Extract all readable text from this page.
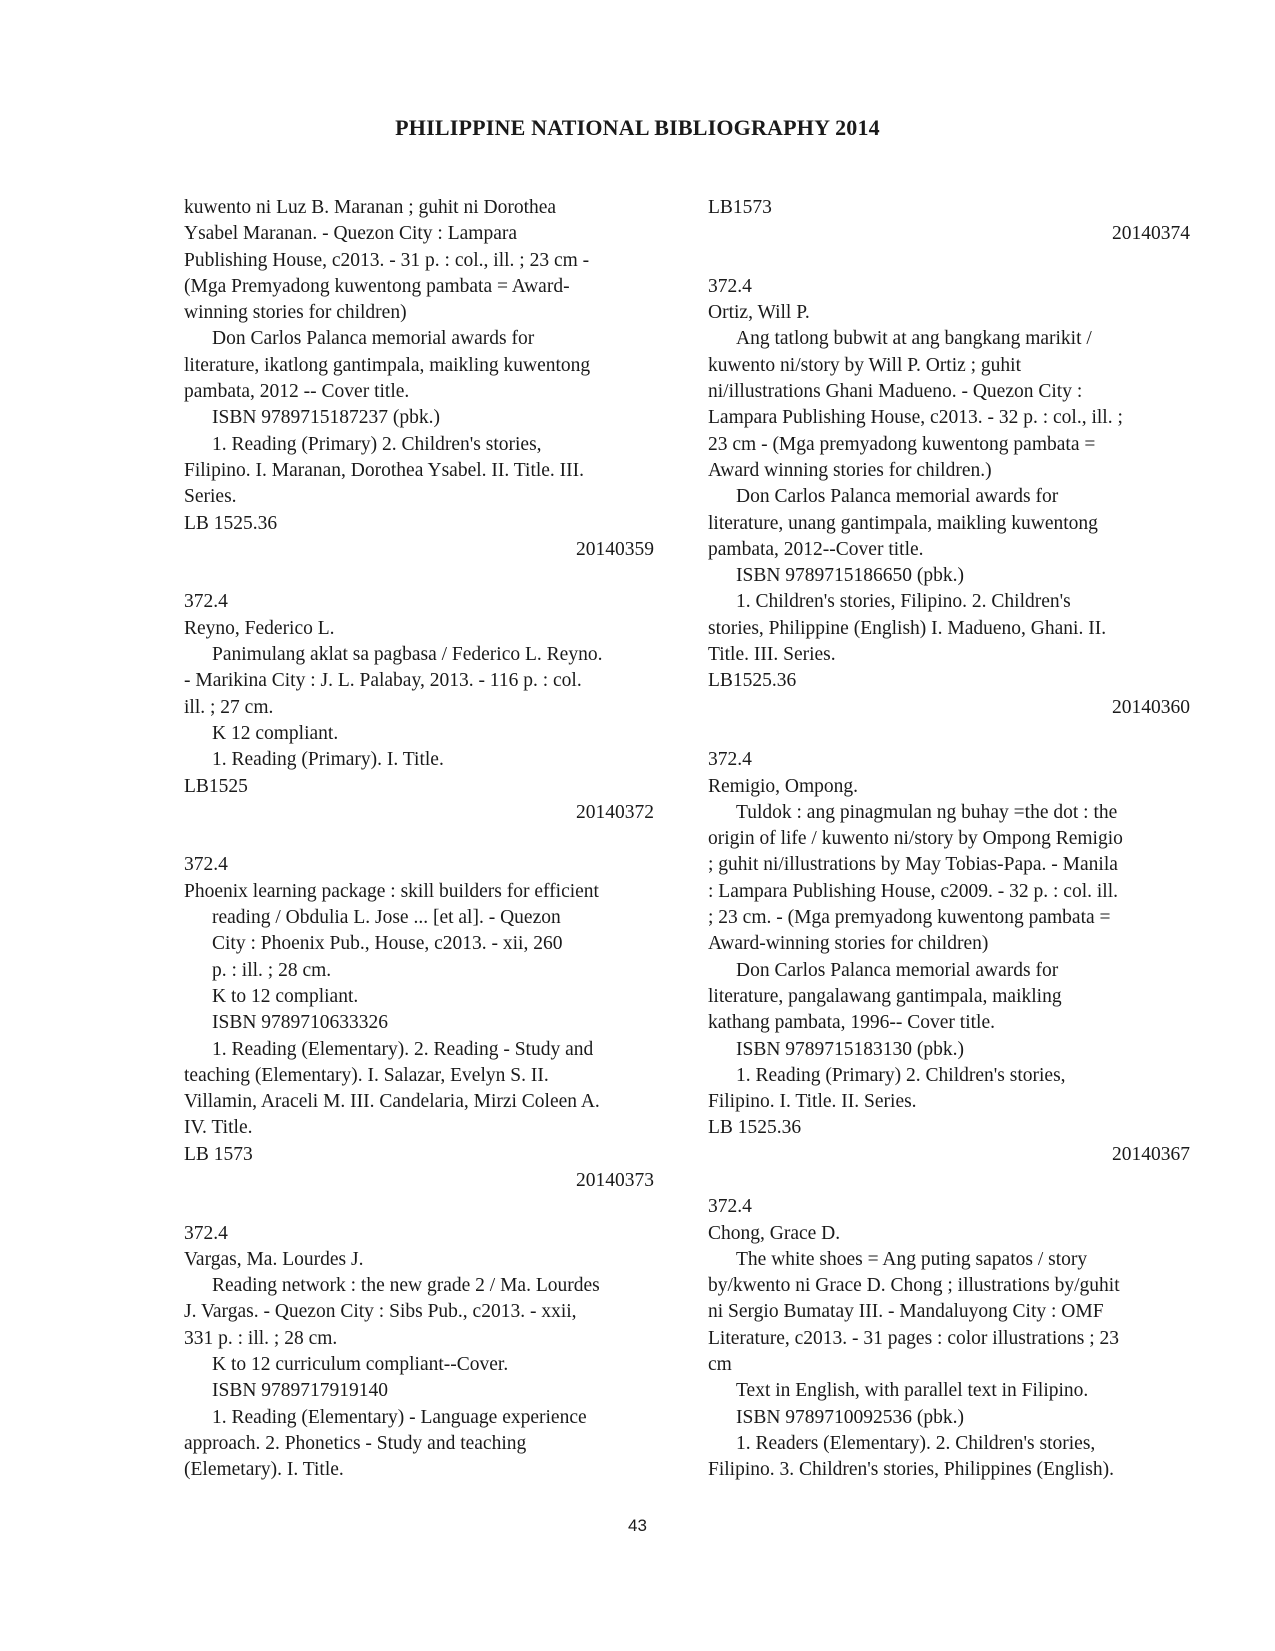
PHILIPPINE NATIONAL BIBLIOGRAPHY 2014
kuwento ni Luz B. Maranan ; guhit ni Dorothea
Ysabel Maranan. - Quezon City : Lampara
Publishing House, c2013. - 31 p. : col., ill. ; 23 cm -
(Mga Premyadong kuwentong pambata = Award-
winning stories for children)
Don Carlos Palanca memorial awards for
literature, ikatlong gantimpala, maikling kuwentong
pambata, 2012 -- Cover title.
ISBN 9789715187237 (pbk.)
1. Reading (Primary) 2. Children's stories,
Filipino. I. Maranan, Dorothea Ysabel. II. Title. III.
Series.
LB 1525.36
20140359
372.4
Reyno, Federico L.
Panimulang aklat sa pagbasa / Federico L. Reyno.
- Marikina City : J. L. Palabay, 2013. - 116 p. : col.
ill. ; 27 cm.
K 12 compliant.
1. Reading (Primary). I. Title.
LB1525
20140372
372.4
Phoenix learning package : skill builders for efficient
reading / Obdulia L. Jose ... [et al]. - Quezon
City : Phoenix Pub., House, c2013. - xii, 260
p. : ill. ; 28 cm.
K to 12 compliant.
ISBN 9789710633326
1. Reading (Elementary). 2. Reading - Study and
teaching (Elementary). I. Salazar, Evelyn S. II.
Villamin, Araceli M. III. Candelaria, Mirzi Coleen A.
IV. Title.
LB 1573
20140373
372.4
Vargas, Ma. Lourdes J.
Reading network : the new grade 2 / Ma. Lourdes
J. Vargas. - Quezon City : Sibs Pub., c2013. - xxii,
331 p. : ill. ; 28 cm.
K to 12 curriculum compliant--Cover.
ISBN 9789717919140
1. Reading (Elementary) - Language experience
approach. 2. Phonetics - Study and teaching
(Elemetary). I. Title.
LB1573
20140374
372.4
Ortiz, Will P.
Ang tatlong bubwit at ang bangkang marikit /
kuwento ni/story by Will P. Ortiz ; guhit
ni/illustrations Ghani Madueno. - Quezon City :
Lampara Publishing House, c2013. - 32 p. : col., ill. ;
23 cm - (Mga premyadong kuwentong pambata =
Award winning stories for children.)
Don Carlos Palanca memorial awards for
literature, unang gantimpala, maikling kuwentong
pambata, 2012--Cover title.
ISBN 9789715186650 (pbk.)
1. Children's stories, Filipino. 2. Children's
stories, Philippine (English) I. Madueno, Ghani. II.
Title. III. Series.
LB1525.36
20140360
372.4
Remigio, Ompong.
Tuldok : ang pinagmulan ng buhay =the dot : the
origin of life / kuwento ni/story by Ompong Remigio
; guhit ni/illustrations by May Tobias-Papa. - Manila
: Lampara Publishing House, c2009. - 32 p. : col. ill.
; 23 cm. - (Mga premyadong kuwentong pambata =
Award-winning stories for children)
Don Carlos Palanca memorial awards for
literature, pangalawang gantimpala, maikling
kathang pambata, 1996-- Cover title.
ISBN 9789715183130 (pbk.)
1. Reading (Primary) 2. Children's stories,
Filipino. I. Title. II. Series.
LB 1525.36
20140367
372.4
Chong, Grace D.
The white shoes = Ang puting sapatos / story
by/kwento ni Grace D. Chong ; illustrations by/guhit
ni Sergio Bumatay III. - Mandaluyong City : OMF
Literature, c2013. - 31 pages : color illustrations ; 23
cm
Text in English, with parallel text in Filipino.
ISBN 9789710092536 (pbk.)
1. Readers (Elementary). 2. Children's stories,
Filipino. 3. Children's stories, Philippines (English).
43
